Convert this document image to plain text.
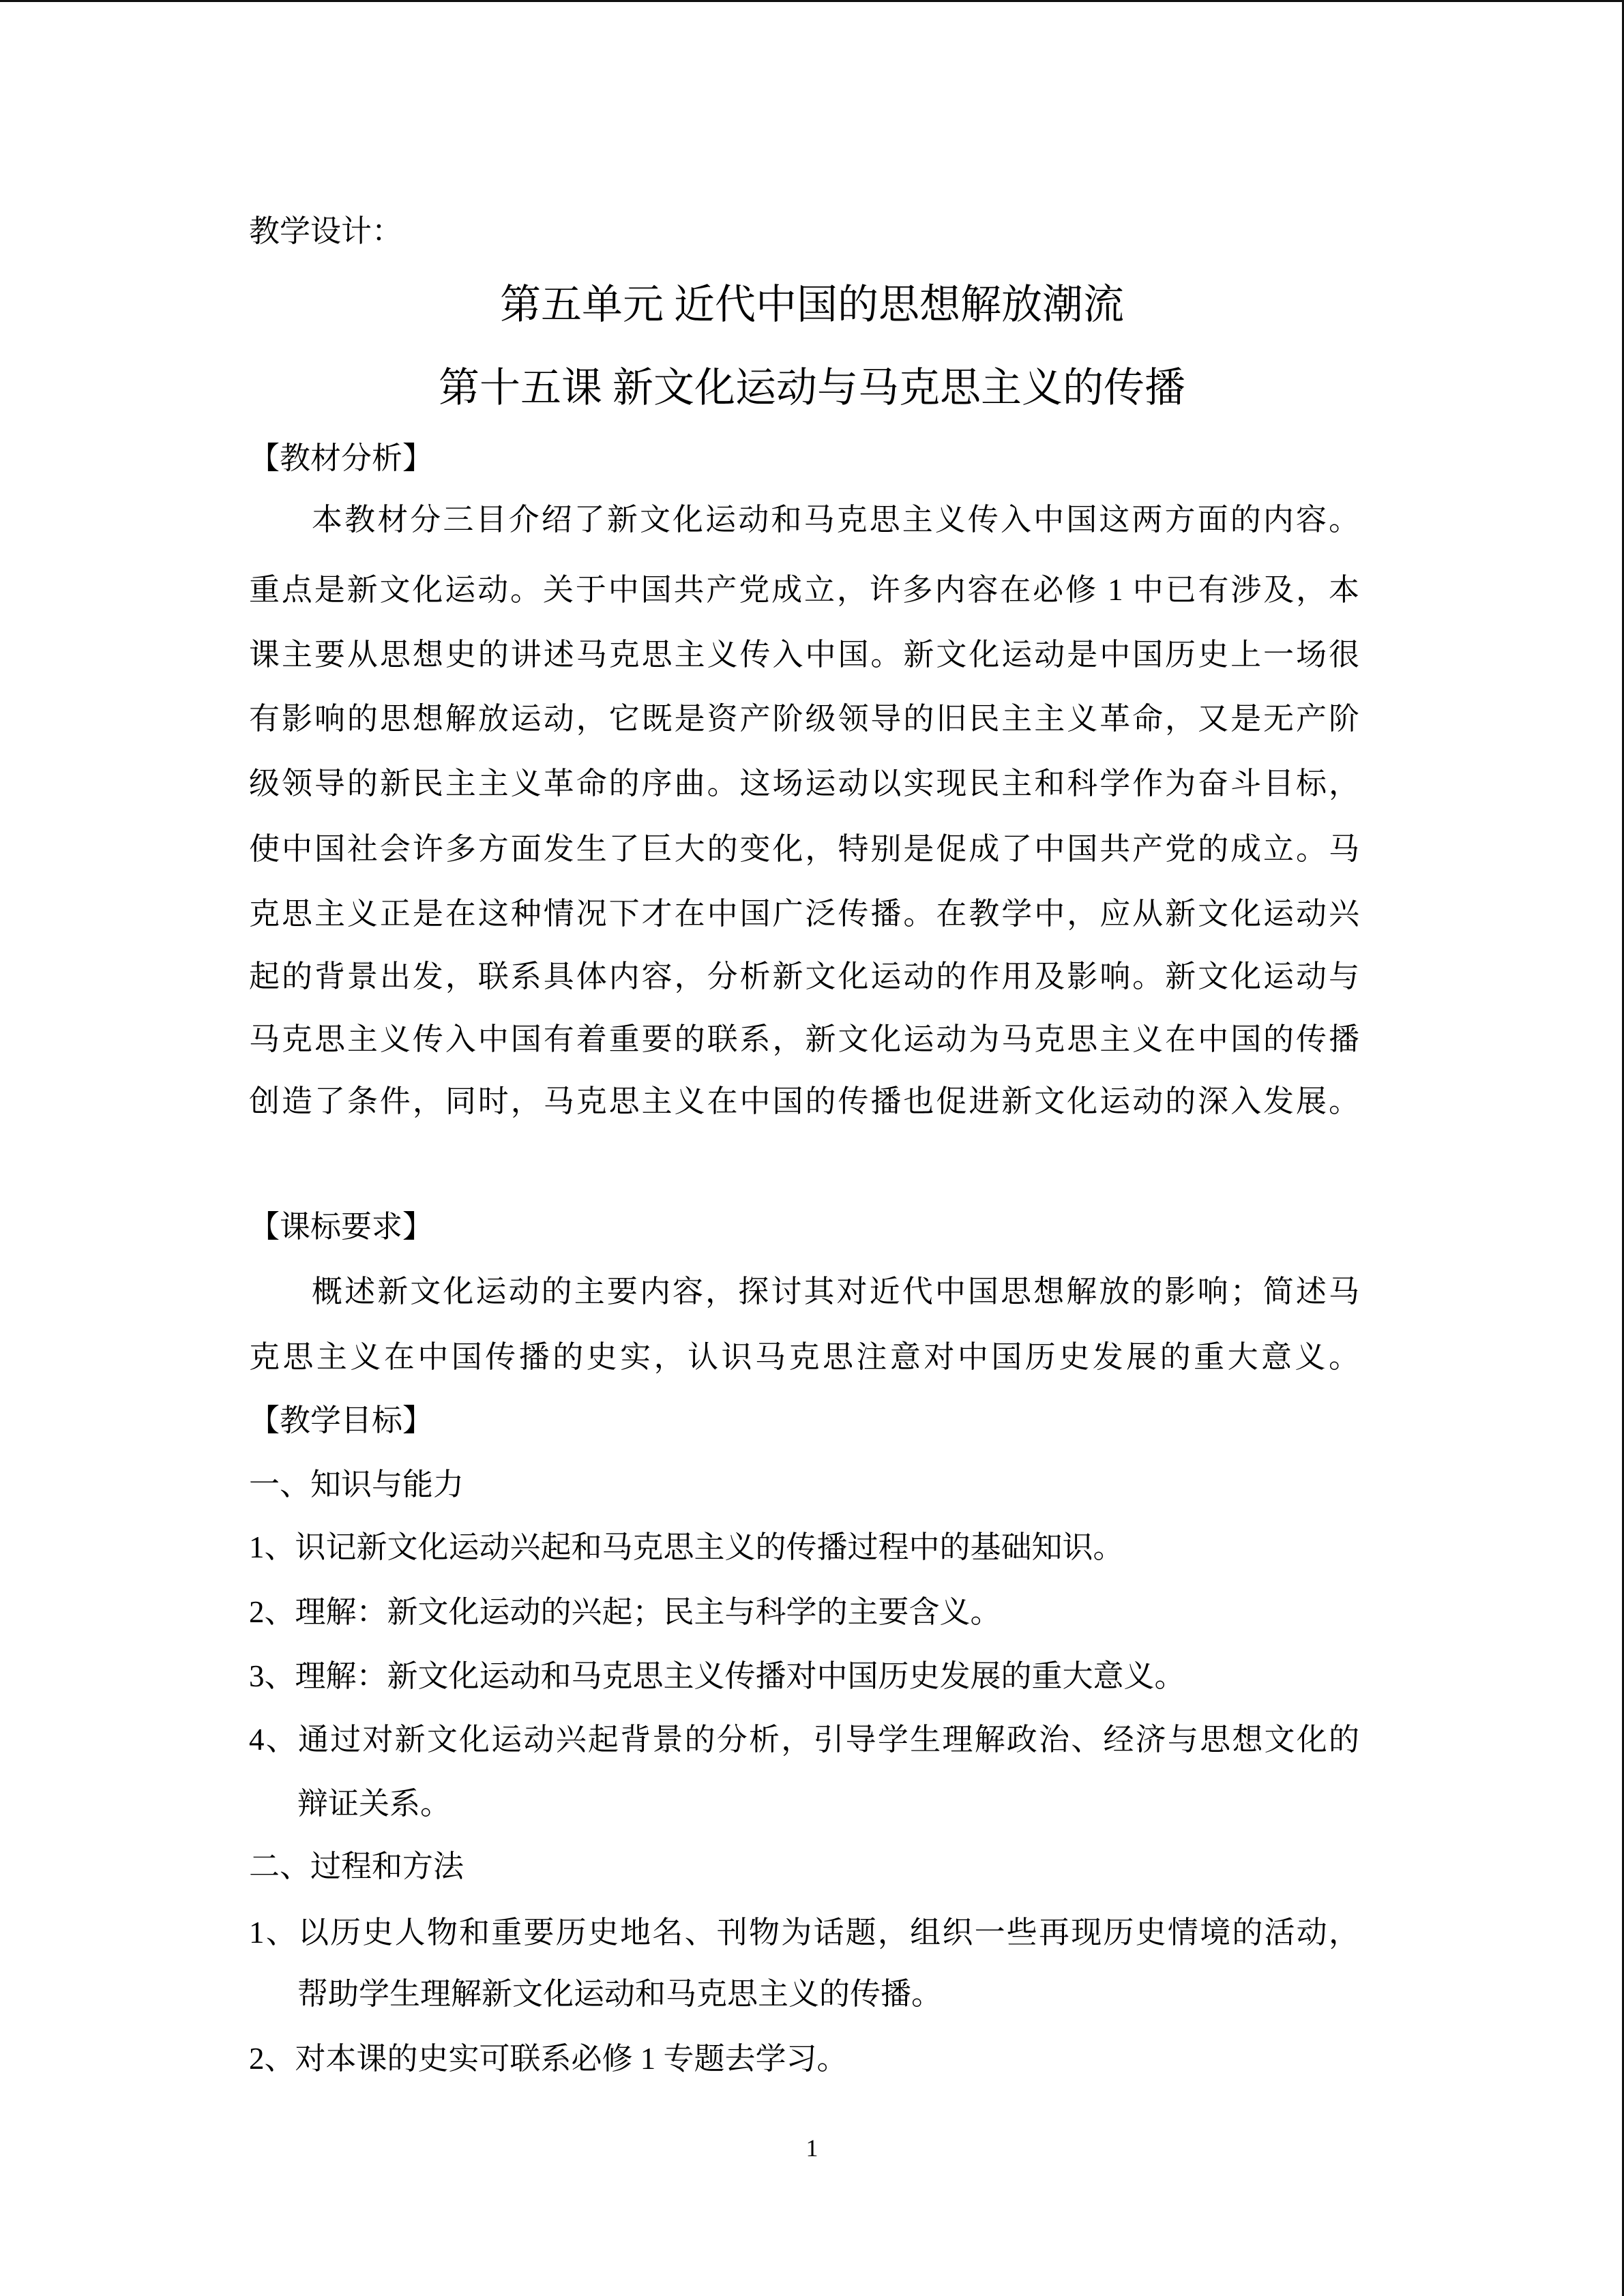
教学设计：
第五单元 近代中国的思想解放潮流
第十五课 新文化运动与马克思主义的传播
【教材分析】
本教材分三目介绍了新文化运动和马克思主义传入中国这两方面的内容。
重点是新文化运动。关于中国共产党成立，许多内容在必修 1 中已有涉及，本
课主要从思想史的讲述马克思主义传入中国。新文化运动是中国历史上一场很
有影响的思想解放运动，它既是资产阶级领导的旧民主主义革命，又是无产阶
级领导的新民主主义革命的序曲。这场运动以实现民主和科学作为奋斗目标，
使中国社会许多方面发生了巨大的变化，特别是促成了中国共产党的成立。马
克思主义正是在这种情况下才在中国广泛传播。在教学中，应从新文化运动兴
起的背景出发，联系具体内容，分析新文化运动的作用及影响。新文化运动与
马克思主义传入中国有着重要的联系，新文化运动为马克思主义在中国的传播
创造了条件，同时，马克思主义在中国的传播也促进新文化运动的深入发展。
【课标要求】
概述新文化运动的主要内容，探讨其对近代中国思想解放的影响；简述马
克思主义在中国传播的史实，认识马克思注意对中国历史发展的重大意义。
【教学目标】
一、知识与能力
1、识记新文化运动兴起和马克思主义的传播过程中的基础知识。
2、理解：新文化运动的兴起；民主与科学的主要含义。
3、理解：新文化运动和马克思主义传播对中国历史发展的重大意义。
4、通过对新文化运动兴起背景的分析，引导学生理解政治、经济与思想文化的
辩证关系。
二、过程和方法
1、以历史人物和重要历史地名、刊物为话题，组织一些再现历史情境的活动，
帮助学生理解新文化运动和马克思主义的传播。
2、对本课的史实可联系必修 1 专题去学习。
1
